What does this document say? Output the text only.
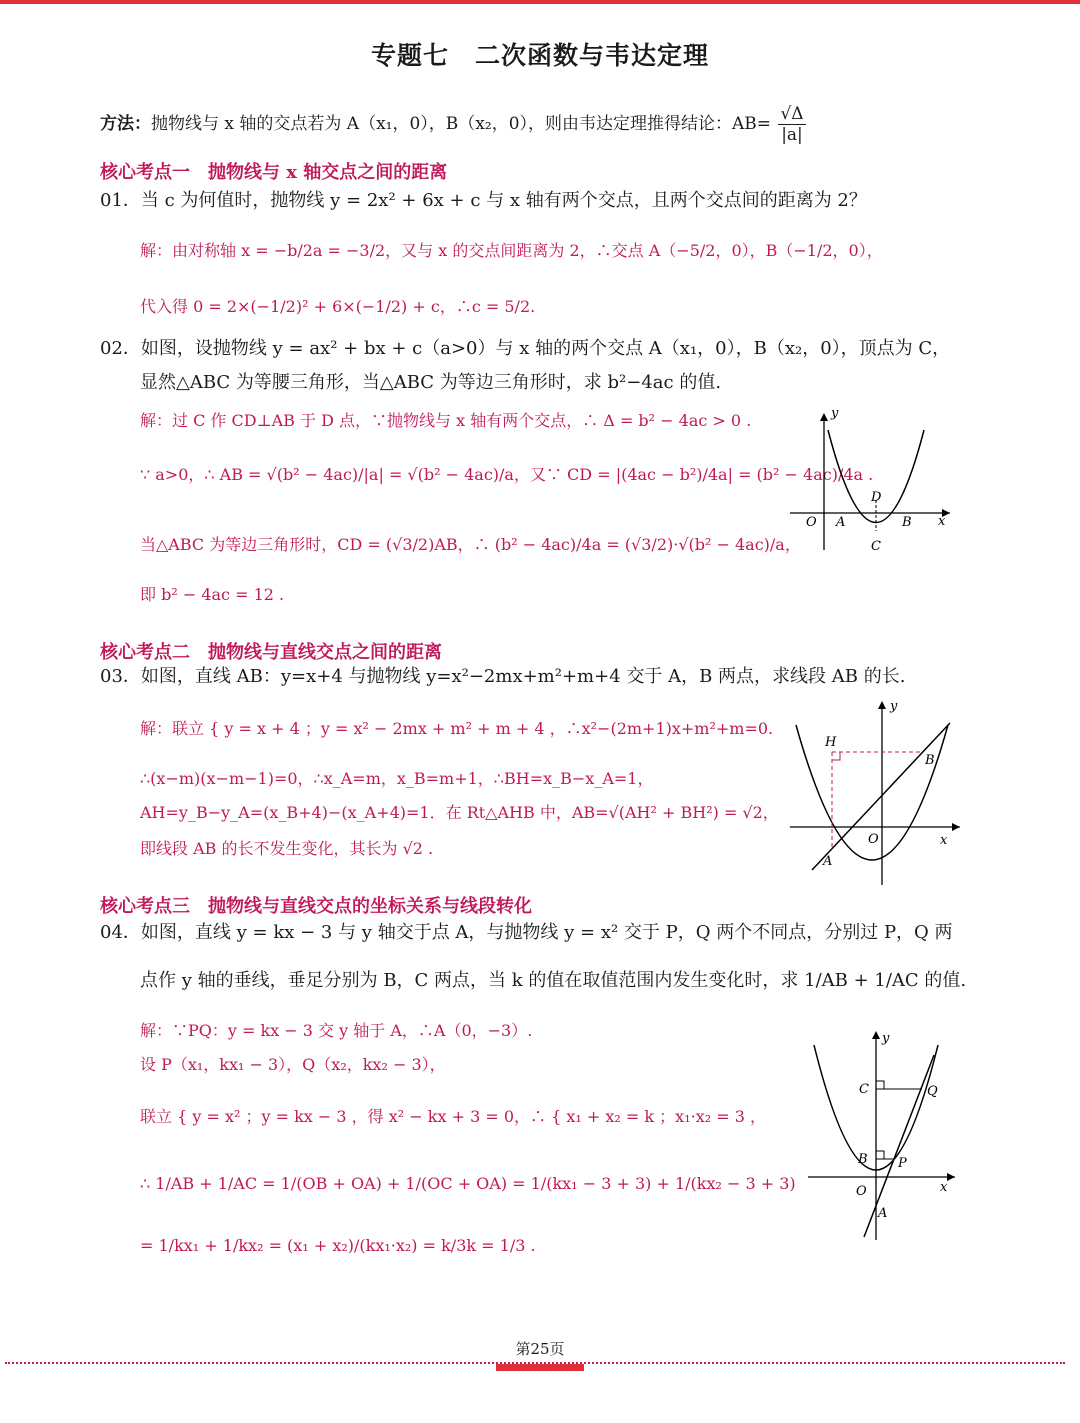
专题七　二次函数与韦达定理
方法：抛物线与 x 轴的交点若为 A（x₁，0），B（x₂，0），则由韦达定理推得结论：$AB= \frac{√\Delta}{|a|}$
核心考点一　抛物线与 x 轴交点之间的距离
01．当 c 为何值时，抛物线 y = 2x² + 6x + c 与 x 轴有两个交点，且两个交点间的距离为 2？
解：由对称轴 x = −b/2a = −3/2，又与 x 的交点间距离为 2，∴交点 A（−5/2，0），B（−1/2，0），
代入得 0 = 2×(−1/2)² + 6×(−1/2) + c，∴c = 5/2.
02．如图，设抛物线 y = ax² + bx + c（a>0）与 x 轴的两个交点 A（x₁，0），B（x₂，0），顶点为 C，
显然△ABC 为等腰三角形，当△ABC 为等边三角形时，求 b²−4ac 的值.
解：过 C 作 CD⊥AB 于 D 点，∵抛物线与 x 轴有两个交点，∴ Δ = b² − 4ac > 0 .
∵ a>0，∴ AB = √(b² − 4ac)/|a| = √(b² − 4ac)/a，又∵ CD = |(4ac − b²)/4a| = (b² − 4ac)/4a .
当△ABC 为等边三角形时，CD = (√3/2)AB，∴ (b² − 4ac)/4a = (√3/2)·√(b² − 4ac)/a，
即 b² − 4ac = 12 .
y
x
O A	B
D
C
核心考点二　抛物线与直线交点之间的距离
03．如图，直线 AB：y=x+4 与抛物线 y=x²−2mx+m²+m+4 交于 A，B 两点，求线段 AB 的长.
解：联立 { y = x + 4 ；y = x² − 2mx + m² + m + 4 ，∴x²−(2m+1)x+m²+m=0.
∴(x−m)(x−m−1)=0，∴x_A=m，x_B=m+1，∴BH=x_B−x_A=1，
AH=y_B−y_A=(x_B+4)−(x_A+4)=1．在 Rt△AHB 中，AB=√(AH² + BH²) = √2，
即线段 AB 的长不发生变化，其长为 √2 .
y
x
O
A
B
H
核心考点三　抛物线与直线交点的坐标关系与线段转化
04．如图，直线 y = kx − 3 与 y 轴交于点 A，与抛物线 y = x² 交于 P，Q 两个不同点，分别过 P，Q 两
点作 y 轴的垂线，垂足分别为 B，C 两点，当 k 的值在取值范围内发生变化时，求 1/AB + 1/AC 的值.
解：∵PQ：y = kx − 3 交 y 轴于 A，∴A（0，−3）.
设 P（x₁，kx₁ − 3），Q（x₂，kx₂ − 3），
联立 { y = x² ；y = kx − 3 ，得 x² − kx + 3 = 0，∴ { x₁ + x₂ = k ；x₁·x₂ = 3 ，
∴ 1/AB + 1/AC = 1/(OB + OA) + 1/(OC + OA) = 1/(kx₁ − 3 + 3) + 1/(kx₂ − 3 + 3)
= 1/kx₁ + 1/kx₂ = (x₁ + x₂)/(kx₁·x₂) = k/3k = 1/3 .
y
x
O
A
B
C
P
Q
第25页
